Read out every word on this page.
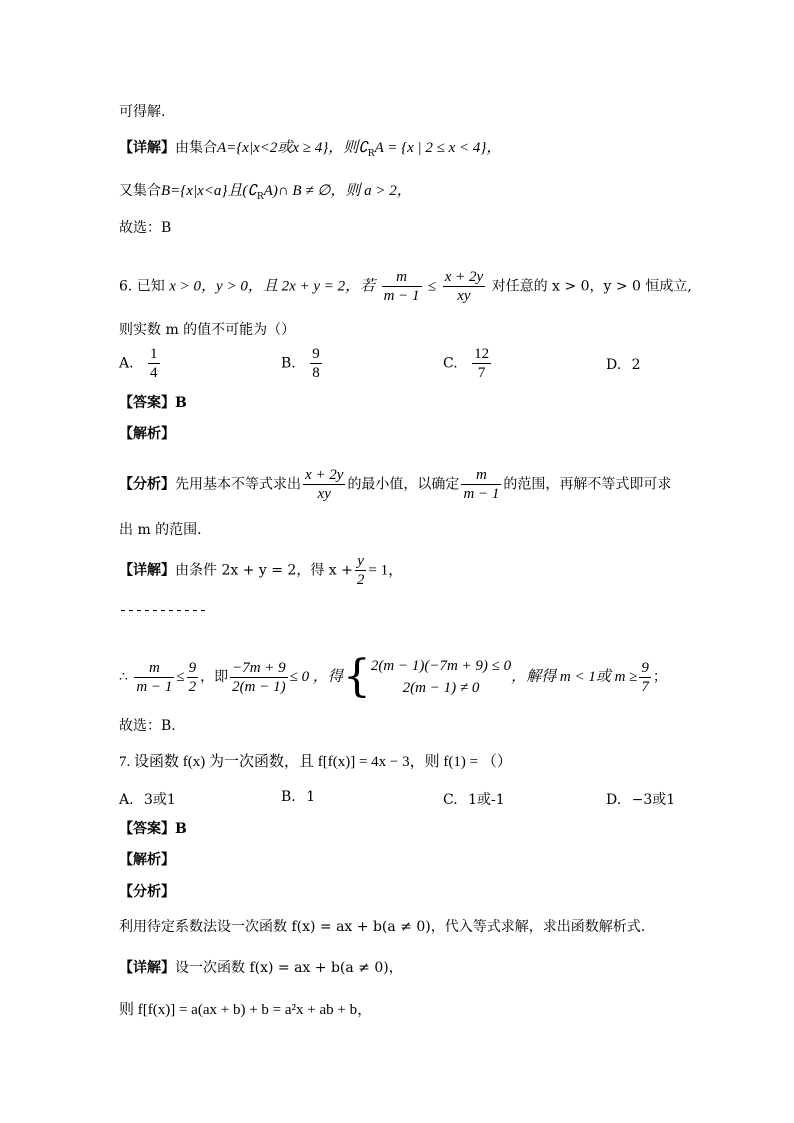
可得解.
【详解】由集合A={x|x<2或x ≥ 4}，则$∁_RA = \{x$ | 2 ≤ x < 4}，
又集合B={x|x<a}且$(∁_RA)\cap$ B ≠ ∅，则 a > 2，
故选：B
6. 已知 x > 0，y > 0，且 2x + y = 2，若 $\frac{m}{m - 1} \le \frac{x + 2y}{xy}$ 对任意的 x > 0，y > 0 恒成立,
则实数 m 的值不可能为（）
A. $\frac{1}{4}$	B. $\frac{9}{8}$	C. $\frac{12}{7}$	D. 2
【答案】B
【解析】
【分析】先用基本不等式求出 $\frac{x + 2y}{xy}$ 的最小值，以确定 $\frac{m}{m - 1}$ 的范围，再解不等式即可求
出 m 的范围.
【详解】由条件 2x + y = 2，得 $x + \frac{y}{2} = 1$，
∴ $\frac{m}{m - 1} \le \frac{9}{2}$ ，即 $\frac{-7m + 9}{2(m - 1)} \le 0$ ，得{ 2(m − 1)(−7m + 9) ≤ 0
2(m − 1) ≠ 0
，解得 m < 1或 $m \ge \frac{9}{7}$ ；
故选：B.
7. 设函数 f(x) 为一次函数，且 f[f(x)] = 4x − 3，则 f(1) = （）
A. 3或1	B. 1	C. 1或-1	D. −3或1
【答案】B
【解析】
【分析】
利用待定系数法设一次函数 f(x) = ax + b(a ≠ 0)，代入等式求解，求出函数解析式.
【详解】设一次函数 f(x) = ax + b(a ≠ 0)，
则 f[f(x)] = a(ax + b) + b = a²x + ab + b，
